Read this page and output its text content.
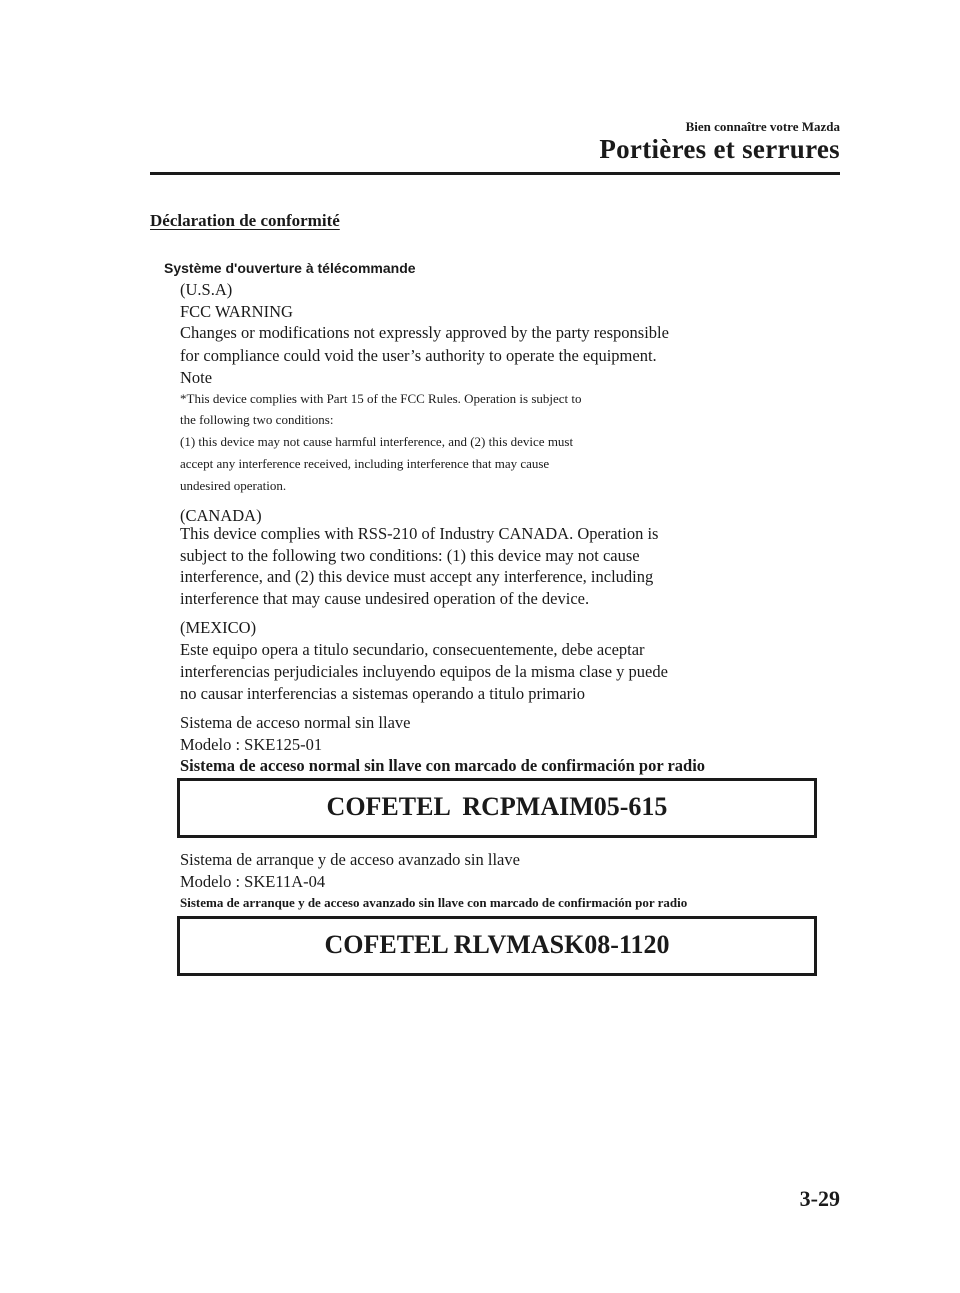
Bien connaître votre Mazda
Portières et serrures
Déclaration de conformité
Système d'ouverture à télécommande
(U.S.A)
FCC WARNING
Changes or modifications not expressly approved by the party responsible
for compliance could void the user’s authority to operate the equipment.
Note
*This device complies with Part 15 of the FCC Rules. Operation is subject to
the following two conditions:
(1) this device may not cause harmful interference, and (2) this device must
accept any interference received, including interference that may cause
undesired operation.
(CANADA)
This device complies with RSS-210 of Industry CANADA. Operation is
subject to the following two conditions: (1) this device may not cause
interference, and (2) this device must accept any interference, including
interference that may cause undesired operation of the device.
(MEXICO)
Este equipo opera a titulo secundario, consecuentemente, debe aceptar
interferencias perjudiciales incluyendo equipos de la misma clase y puede
no causar interferencias a sistemas operando a titulo primario
Sistema de acceso normal sin llave
Modelo : SKE125-01
Sistema de acceso normal sin llave con marcado de confirmación por radio
COFETEL  RCPMAIM05-615
Sistema de arranque y de acceso avanzado sin llave
Modelo : SKE11A-04
Sistema de arranque y de acceso avanzado sin llave con marcado de confirmación por radio
COFETEL RLVMASK08-1120
3-29
